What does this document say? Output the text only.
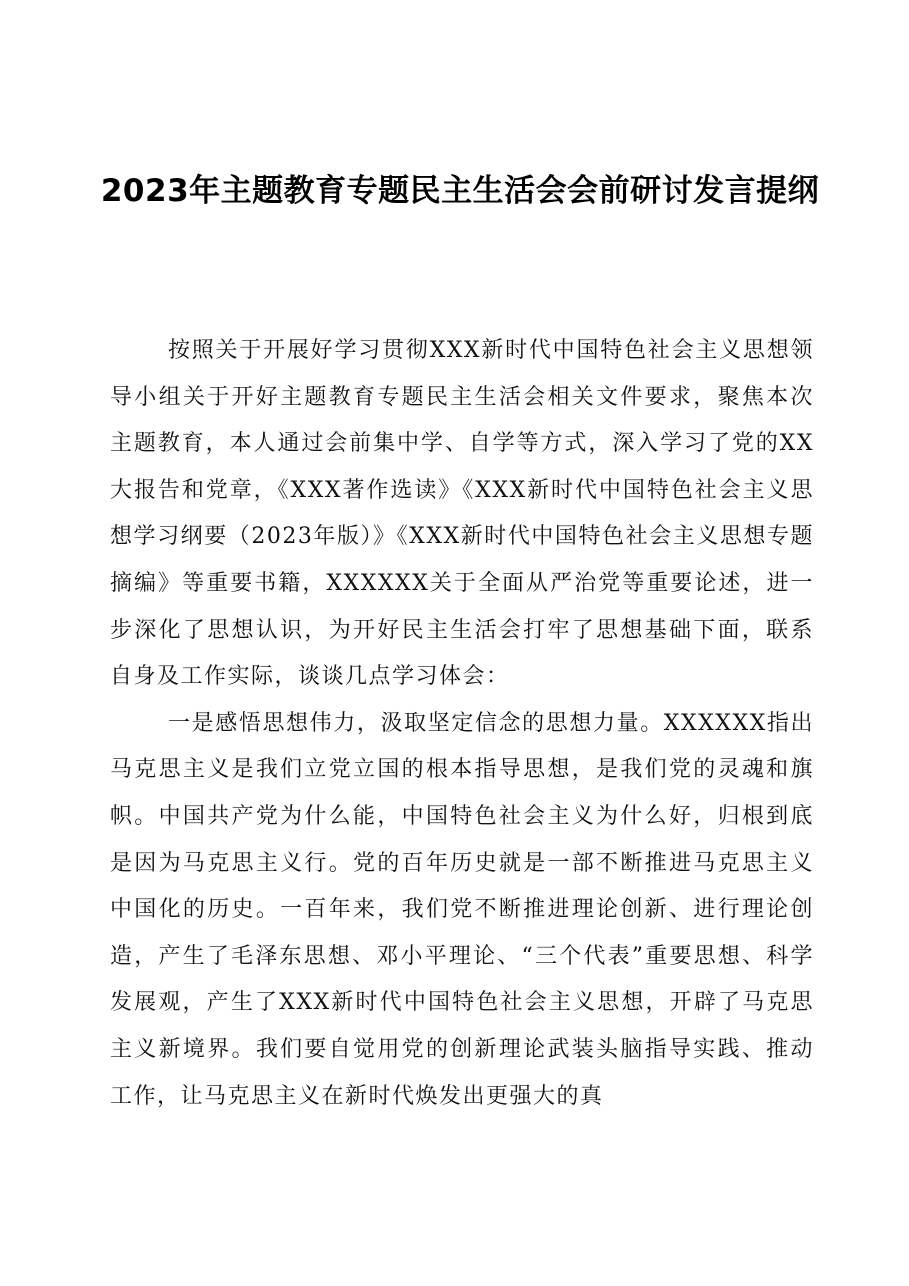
2023年主题教育专题民主生活会会前研讨发言提纲

按照关于开展好学习贯彻XXX新时代中国特色社会主义思想领导小组关于开好主题教育专题民主生活会相关文件要求，聚焦本次主题教育，本人通过会前集中学、自学等方式，深入学习了党的XX大报告和党章，《XXX著作选读》《XXX新时代中国特色社会主义思想学习纲要（2023年版）》《XXX新时代中国特色社会主义思想专题摘编》等重要书籍，XXXXXX关于全面从严治党等重要论述，进一步深化了思想认识，为开好民主生活会打牢了思想基础下面，联系自身及工作实际，谈谈几点学习体会：

一是感悟思想伟力，汲取坚定信念的思想力量。XXXXXX指出马克思主义是我们立党立国的根本指导思想，是我们党的灵魂和旗帜。中国共产党为什么能，中国特色社会主义为什么好，归根到底是因为马克思主义行。党的百年历史就是一部不断推进马克思主义中国化的历史。一百年来，我们党不断推进理论创新、进行理论创造，产生了毛泽东思想、邓小平理论、“三个代表”重要思想、科学发展观，产生了XXX新时代中国特色社会主义思想，开辟了马克思主义新境界。我们要自觉用党的创新理论武装头脑指导实践、推动工作，让马克思主义在新时代焕发出更强大的真
